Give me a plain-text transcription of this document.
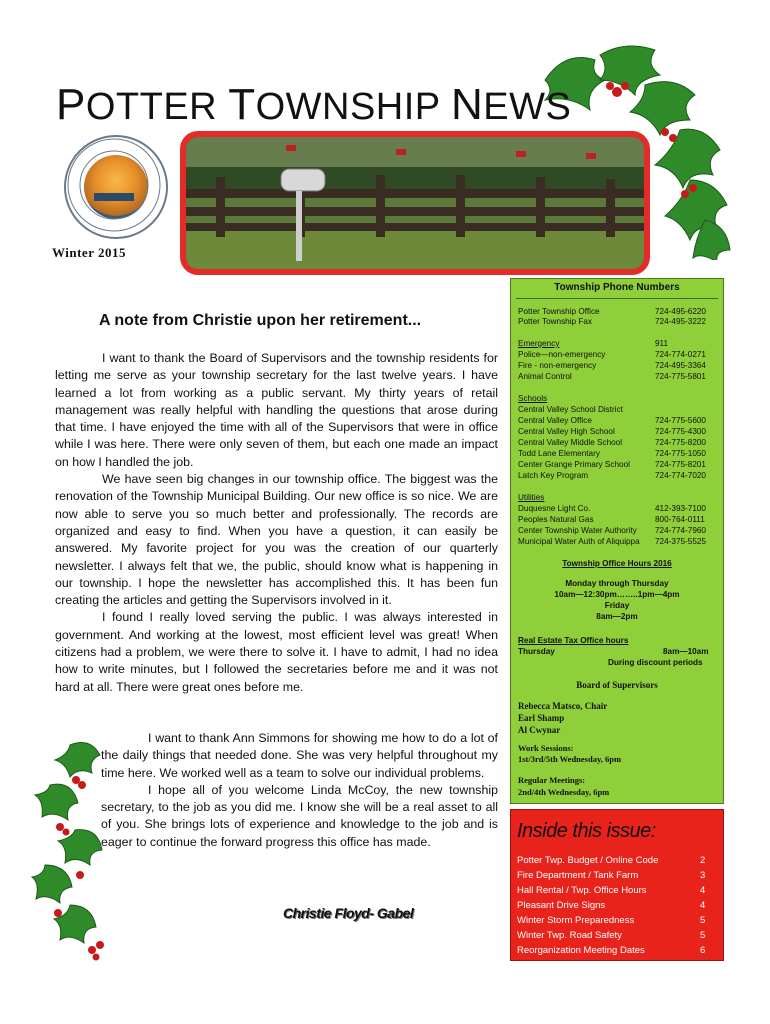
POTTER TOWNSHIP NEWS
Winter 2015
A note from Christie upon her retirement...

I want to thank the Board of Supervisors and the township residents for letting me serve as your township secretary for the last twelve years. I have learned a lot from working as a public servant. My thirty years of retail management was really helpful with handling the questions that arose during that time. I have enjoyed the time with all of the Supervisors that were in office while I was here. There were only seven of them, but each one made an impact on how I handled the job.

We have seen big changes in our township office. The biggest was the renovation of the Township Municipal Building. Our new office is so nice. We are now able to serve you so much better and professionally. The records are organized and easy to find. When you have a question, it can easily be answered. My favorite project for you was the creation of our quarterly newsletter. I always felt that we, the public, should know what is happening in our township. I hope the newsletter has accomplished this. It has been fun creating the articles and getting the Supervisors involved in it.

I found I really loved serving the public. I was always interested in government. And working at the lowest, most efficient level was great! When citizens had a problem, we were there to solve it. I have to admit, I had no idea how to write minutes, but I followed the secretaries before me and it was not hard at all. There were great ones before me.

I want to thank Ann Simmons for showing me how to do a lot of the daily things that needed done. She was very helpful throughout my time here. We worked well as a team to solve our individual problems.

I hope all of you welcome Linda McCoy, the new township secretary, to the job as you did me. I know she will be a real asset to all of you. She brings lots of experience and knowledge to the job and is eager to continue the forward progress this office has made.

Christie Floyd- Gabel
Township Phone Numbers
Potter Township Office	724-495-6220
Potter Township Fax	724-495-3222
Emergency	911
Police—non-emergency	724-774-0271
Fire - non-emergency	724-495-3364
Animal Control	724-775-5801
Schools
Central Valley School District
Central Valley Office	724-775-5600
Central Valley High School	724-775-4300
Central Valley Middle School	724-775-8200
Todd Lane Elementary	724-775-1050
Center Grange Primary School	724-775-8201
Latch Key Program	724-774-7020
Utilities
Duquesne Light Co.	412-393-7100
Peoples Natural Gas	800-764-0111
Center Township Water Authority 724-774-7960
Municipal Water Auth of Aliquippa 724-375-5525
Township Office Hours 2016
Monday through Thursday
10am—12:30pm……..1pm—4pm
Friday
8am—2pm
Real Estate Tax Office hours
Thursday	8am—10am
During discount periods
Board of Supervisors
Rebecca Matsco, Chair
Earl Shamp
Al Cwynar
Work Sessions:
1st/3rd/5th Wednesday, 6pm
Regular Meetings:
2nd/4th Wednesday, 6pm
Inside this issue:
Potter Twp. Budget / Online Code	2
Fire Department / Tank Farm	3
Hall Rental / Twp. Office Hours	4
Pleasant Drive Signs	4
Winter Storm Preparedness	5
Winter Twp. Road Safety	5
Reorganization Meeting Dates	6
